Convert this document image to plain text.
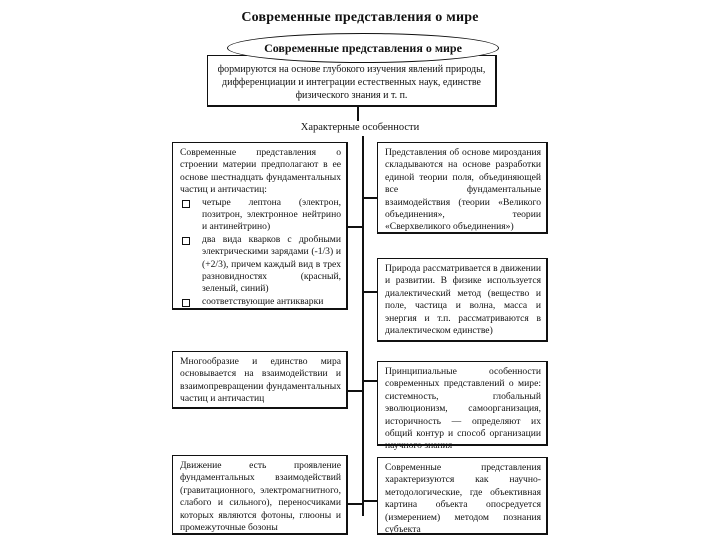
Современные представления о мире
Современные представления о мире
формируются на основе глубокого изучения явлений природы, дифференциации и интеграции естественных наук, единстве физического знания и т. п.
Характерные особенности

Современные представления о строении материи предполагают в ее основе шестнадцать фундаментальных частиц и античастиц:

четыре лептона (электрон, позитрон, электронное нейтрино и антинейтрино)
два вида кварков с дробными электрическими зарядами (-1/3) и (+2/3), причем каждый вид в трех разновидностях (красный, зеленый, синий)
соответствующие антикварки

Многообразие и единство мира основывается на взаимодействии и взаимопревращении фундаментальных частиц и античастиц

Движение есть проявление фундаментальных взаимодействий (гравитационного, электромагнитного, слабого и сильного), переносчиками которых являются фотоны, глюоны и промежуточные бозоны

Представления об основе мироздания складываются на основе разработки единой теории поля, объединяющей все фундаментальные взаимодействия (теории «Великого объединения», теории «Сверхвеликого объединения»)

Природа рассматривается в движении и развитии. В физике используется диалектический метод (вещество и поле, частица и волна, масса и энергия и т.п. рассматриваются в диалектическом единстве)

Принципиальные особенности современных представлений о мире: системность, глобальный эволюционизм, самоорганизация, историчность — определяют их общий контур и способ организации научного знания

Современные представления характеризуются как научно-методологические, где объективная картина объекта опосредуется (измерением) методом познания субъекта
